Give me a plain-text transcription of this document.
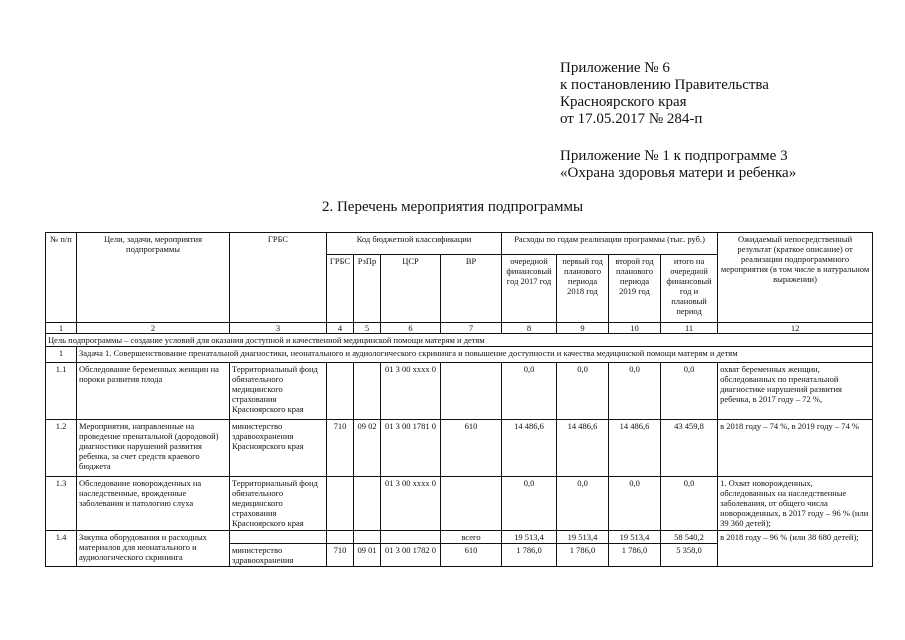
Приложение № 6
к постановлению Правительства
Красноярского края
от 17.05.2017 № 284-п
Приложение № 1 к подпрограмме 3
«Охрана здоровья матери и ребенка»
2. Перечень мероприятия подпрограммы
№ п/п	Цели, задачи, мероприятия подпрограммы	ГРБС	Код бюджетной классификации				Расходы по годам реализации программы (тыс. руб.)				Ожидаемый непосредственный результат (краткое описание) от реализации подпрограммного мероприятия (в том числе в натуральном выражении)
			ГРБС	РзПр	ЦСР	ВР	очередной финансовый год 2017 год	первый год планового периода 2018 год	второй год планового периода 2019 год	итого на очередной финансовый год и плановый период	
1	2	3	4	5	6	7	8	9	10	11	12
Цель подпрограммы – создание условий для оказания доступной и качественной медицинской помощи матерям и детям											
1	Задача 1. Совершенствование пренатальной диагностики, неонатального и аудиологического скрининга и повышение доступности и качества медицинской помощи матерям и детям										
1.1	Обследование беременных женщин на пороки развития плода	Территориальный фонд обязательного медицинского страхования Красноярского края			01 3 00 хххх 0		0,0	0,0	0,0	0,0	охват беременных женщин, обследованных по пренатальной диагностике нарушений развития ребенка, в 2017 году – 72 %,
1.2	Мероприятия, направленные на проведение пренатальной (дородовой) диагностики нарушений развития ребенка, за счет средств краевого бюджета	министерство здравоохранения Красноярского края	710	09 02	01 3 00 1781 0	610	14 486,6	14 486,6	14 486,6	43 459,8	в 2018 году – 74 %, в 2019 году – 74 %
1.3	Обследование новорожденных на наследственные, врожденные заболевания и патологию слуха	Территориальный фонд обязательного медицинского страхования Красноярского края			01 3 00 хххх 0		0,0	0,0	0,0	0,0	1. Охват новорожденных, обследованных на наследственные заболевания, от общего числа новорожденных, в 2017 году – 96 % (или 39 360 детей);
1.4	Закупка оборудования и расходных материалов для неонатального и аудиологического скрининга					всего	19 513,4	19 513,4	19 513,4	58 540,2	в 2018 году – 96 % (или 38 680 детей);
		министерство здравоохранения	710	09 01	01 3 00 1782 0	610	1 786,0	1 786,0	1 786,0	5 358,0	
